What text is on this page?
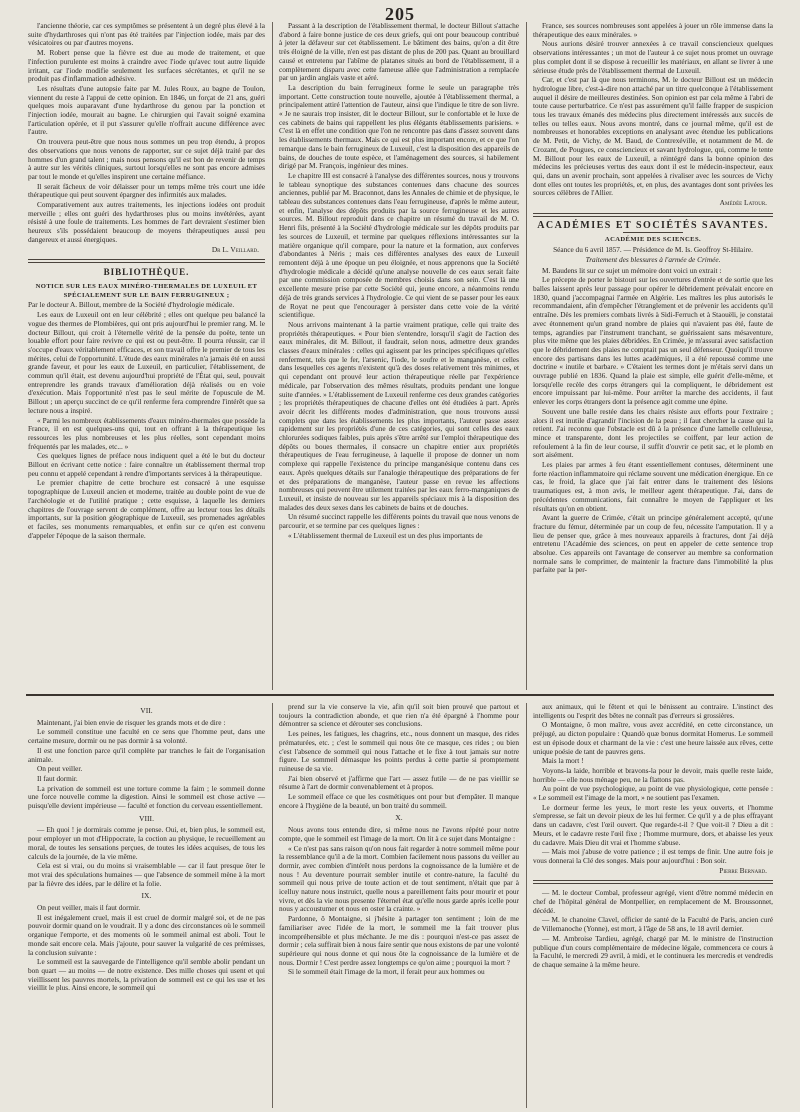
205

l'ancienne théorie, car ces symptômes se présentent à un degré plus élevé à la suite d'hydarthroses qui n'ont pas été traitées par l'injection iodée, mais par des vésicatoires ou par d'autres moyens.

M. Robert pense que la fièvre est due au mode de traitement, et que l'infection purulente est moins à craindre avec l'iode qu'avec tout autre liquide irritant, car l'iode modifie seulement les surfaces sécrétantes, et qu'il ne se produit pas d'inflammation adhésive.

Les résultats d'une autopsie faite par M. Jules Roux, au bagne de Toulon, viennent du reste à l'appui de cette opinion. En 1846, un forçat de 21 ans, guéri quelques mois auparavant d'une hydarthrose du genou par la ponction et l'injection iodée, mourait au bagne. Le chirurgien qui l'avait soigné examina l'articulation opérée, et il put s'assurer qu'elle n'offrait aucune différence avec l'autre.

On trouvera peut-être que nous nous sommes un peu trop étendu, à propos des observations que nous venons de rapporter, sur ce sujet déjà traité par des hommes d'un grand talent ; mais nous pensons qu'il est bon de revenir de temps à autre sur les vérités cliniques, surtout lorsqu'elles ne sont pas encore admises par tout le monde et qu'elles inspirent une certaine méfiance.

Il serait fâcheux de voir délaisser pour un temps même très court une idée thérapeutique qui peut souvent épargner des infirmités aux malades.

Comparativement aux autres traitements, les injections iodées ont produit merveille ; elles ont guéri des hydarthroses plus ou moins invétérées, ayant résisté à une foule de traitements. Les hommes de l'art devraient s'estimer bien heureux s'ils possédaient beaucoup de moyens thérapeutiques aussi peu dangereux et aussi énergiques.

Dr L. Veillard.
BIBLIOTHÈQUE.
NOTICE SUR LES EAUX MINÉRO-THERMALES DE LUXEUIL ET SPÉCIALEMENT SUR LE BAIN FERRUGINEUX ;

Par le docteur A. Billout, membre de la Société d'hydrologie médicale.

Les eaux de Luxeuil ont en leur célébrité ; elles ont quelque peu balancé la vogue des thermes de Plombières, qui ont pris aujourd'hui le premier rang. M. le docteur Billout, qui croit à l'éternelle vérité de la pensée du poète, tente un louable effort pour faire revivre ce qui est ou peut-être. Il pourra réussir, car il s'occupe d'eaux véritablement efficaces, et son travail offre le premier de tous les mérites, celui de l'opportunité. L'étude des eaux minérales n'a jamais été en aussi grande faveur, et pour les eaux de Luxeuil, en particulier, l'établissement, de commun qu'il était, est devenu aujourd'hui propriété de l'État qui, seul, pouvait entreprendre les grands travaux d'amélioration déjà réalisés ou en voie d'exécution. Mais l'opportunité n'est pas le seul mérite de l'opuscule de M. Billout ; un aperçu succinct de ce qu'il renferme fera comprendre l'intérêt que sa lecture nous a inspiré.

« Parmi les nombreux établissements d'eaux minéro-thermales que possède la France, il en est quelques-uns qui, tout en offrant à la thérapeutique les ressources les plus nombreuses et les plus réelles, sont cependant moins fréquentés par les malades, etc... »

Ces quelques lignes de préface nous indiquent quel a été le but du docteur Billout en écrivant cette notice : faire connaître un établissement thermal trop peu connu et appelé cependant à rendre d'importants services à la thérapeutique.

Le premier chapitre de cette brochure est consacré à une esquisse topographique de Luxeuil ancien et moderne, traitée au double point de vue de l'archéologie et de l'utilité pratique ; cette esquisse, à laquelle les derniers chapitres de l'ouvrage servent de complément, offre au lecteur tous les détails importants, sur la position géographique de Luxeuil, ses promenades agréables et faciles, ses monuments remarquables, et enfin sur ce qu'en est convenu d'appeler l'époque de la saison thermale.

Passant à la description de l'établissement thermal, le docteur Billout s'attache d'abord à faire bonne justice de ces deux griefs, qui ont pour beaucoup contribué à jeter la défaveur sur cet établissement. Le bâtiment des bains, qu'on a dit être très éloigné de la ville, n'en est pas distant de plus de 200 pas. Quant au brouillard causé et entretenu par l'abîme de platanes situés au bord de l'établissement, il a complètement disparu avec cette fameuse allée que l'administration a remplacée par un jardin anglais vaste et aéré.

La description du bain ferrugineux forme le seule un paragraphe très important. Cette construction toute nouvelle, ajoutée à l'établissement thermal, a principalement attiré l'attention de l'auteur, ainsi que l'indique le titre de son livre. « Je ne saurais trop insister, dit le docteur Billout, sur le confortable et le luxe de ces cabinets de bains qui rappellent les plus élégants établissements parisiens. » C'est là en effet une condition que l'on ne rencontre pas dans d'assez souvent dans les établissements thermaux. Mais ce qui est plus important encore, et ce que l'on remarque dans le bain ferrugineux de Luxeuil, c'est la disposition des appareils de bains, de douches de toute espèce, et l'aménagement des sources, si habilement dirigé par M. François, ingénieur des mines.

Le chapitre III est consacré à l'analyse des différentes sources, nous y trouvons le tableau synoptique des substances contenues dans chacune des sources anciennes, publié par M. Braconnot, dans les Annales de chimie et de physique, le tableau des substances contenues dans l'eau ferrugineuse, d'après le même auteur, et enfin, l'analyse des dépôts produits par la source ferrugineuse et les autres sources. M. Billout reproduit dans ce chapitre un résumé du travail de M. O. Henri fils, présenté à la Société d'hydrologie médicale sur les dépôts produits par les sources de Luxeuil, et termine par quelques réflexions intéressantes sur la matière organique qu'il compare, pour la nature et la formation, aux conferves d'abondantes à Néris ; mais ces différentes analyses des eaux de Luxeuil remontent déjà à une époque un peu éloignée, et nous apprenons que la Société d'hydrologie médicale a décidé qu'une analyse nouvelle de ces eaux serait faite par une commission composée de membres choisis dans son sein. C'est là une excellente mesure prise par cette Société qui, jeune encore, a néanmoins rendu déjà de très grands services à l'hydrologie. Ce qui vient de se passer pour les eaux de Royat ne peut que l'encourager à persister dans cette voie de la vérité scientifique.

Nous arrivons maintenant à la partie vraiment pratique, celle qui traite des propriétés thérapeutiques. « Pour bien s'entendre, lorsqu'il s'agit de l'action des eaux minérales, dit M. Billout, il faudrait, selon nous, admettre deux grandes classes d'eaux minérales : celles qui agissent par les principes spécifiques qu'elles renferment, tels que le fer, l'arsenic, l'iode, le soufre et le manganèse, et celles dans lesquelles ces agents n'existent qu'à des doses relativement très minimes, et qui cependant ont prouvé leur action thérapeutique réelle par l'expérience médicale, par l'observation des mêmes résultats, produits pendant une longue suite d'années. » L'établissement de Luxeuil renferme ces deux grandes catégories ; les propriétés thérapeutiques de chacune d'elles ont été étudiées à part. Après avoir décrit les différents modes d'administration, que nous trouvons aussi complets que dans les établissements les plus importants, l'auteur passe assez rapidement sur les propriétés d'une de ces catégories, qui sont celles des eaux chlorurées sodiques faibles, puis après s'être arrêté sur l'emploi thérapeutique des dépôts ou boues thermales, il consacre un chapitre entier aux propriétés thérapeutiques de l'eau ferrugineuse, à laquelle il propose de donner un nom complexe qui rappelle l'existence du principe manganésique contenu dans ces eaux. Après quelques détails sur l'analogie thérapeutique des préparations de fer et des préparations de manganèse, l'auteur passe en revue les affections nombreuses qui peuvent être utilement traitées par les eaux ferro-manganiques de Luxeuil, et insiste de nouveau sur les appareils spéciaux mis à la disposition des malades des deux sexes dans les cabinets de bains et de douches.

Un résumé succinct rappelle les différents points du travail que nous venons de parcourir, et se termine par ces quelques lignes :

« L'établissement thermal de Luxeuil est un des plus importants de

France, ses sources nombreuses sont appelées à jouer un rôle immense dans la thérapeutique des eaux minérales. »

Nous aurions désiré trouver annexées à ce travail consciencieux quelques observations intéressantes ; un mot de l'auteur à ce sujet nous promet un ouvrage plus complet dont il se dispose à recueillir les matériaux, en allant se livrer à une sérieuse étude près de l'établissement thermal de Luxeuil.

Car, et c'est par là que nous terminons, M. le docteur Billout est un médecin hydrologue libre, c'est-à-dire non attaché par un titre quelconque à l'établissement auquel il désire de meilleures destinées. Son opinion est par cela même à l'abri de toute cause perturbatrice. Ce n'est pas assurément qu'il faille frapper de suspicion tous les travaux émanés des médecins plus directement intéressés aux succès de telles ou telles eaux. Nous avons montré, dans ce journal même, qu'il est de nombreuses et honorables exceptions en analysant avec étendue les publications de M. Petit, de Vichy, de M. Baud, de Contrexéville, et notamment de M. de Crozant, de Pougues, ce consciencieux et savant hydrologue, qui, comme le tente M. Billout pour les eaux de Luxeuil, a réintégré dans la bonne opinion des médecins les précieuses vertus des eaux dont il est le médecin-inspecteur, eaux qui, dans un avenir prochain, sont appelées à rivaliser avec les sources de Vichy dont elles ont toutes les propriétés, et, en plus, des avantages dont sont privées les sources célèbres de l'Allier.

Amédée Latour.
ACADÉMIES ET SOCIÉTÉS SAVANTES.
ACADÉMIE DES SCIENCES.
Séance du 6 avril 1857. — Présidence de M. Is. Geoffroy St-Hilaire.
Traitement des blessures à l'armée de Crimée.

M. Baudens lit sur ce sujet un mémoire dont voici un extrait :

Le précepte de porter le bistouri sur les ouvertures d'entrée et de sortie que les balles laissent après leur passage pour opérer le débridement prévalait encore en 1830, quand j'accompagnai l'armée en Algérie. Les maîtres les plus autorisés le recommandaient, afin d'empêcher l'étranglement et de prévenir les accidents qu'il entraîne. Dès les premiers combats livrés à Sidi-Ferruch et à Staouëli, je constatai avec étonnement qu'un grand nombre de plaies qui n'avaient pas été, faute de temps, agrandies par l'instrument tranchant, se guérissaient sans mésaventure, plus vite même que les plaies débridées. En Crimée, je m'assurai avec satisfaction que le débridement des plaies ne comptait pas un seul défenseur. Quoiqu'il trouve encore des partisans dans les luttes académiques, il a été repoussé comme une doctrine « inutile et barbare. » C'étaient les termes dont je m'étais servi dans un ouvrage publié en 1836. Quand la plaie est simple, elle guérit d'elle-même, et lorsqu'elle recèle des corps étrangers qui la compliquent, le débridement est encore impuissant par lui-même. Pour arrêter la marche des accidents, il faut enlever les corps étrangers dont la présence agit comme une épine.

Souvent une balle restée dans les chairs résiste aux efforts pour l'extraire ; alors il est inutile d'agrandir l'incision de la peau ; il faut chercher la cause qui la retient. J'ai reconnu que l'obstacle est dû à la présence d'une lamelle celluleuse, mince et transparente, dont les projectiles se coiffent, par leur action de refoulement à la fin de leur course, il suffit d'ouvrir ce petit sac, et le plomb en sort aisément.

Les plaies par armes à feu étant essentiellement contuses, déterminent une forte réaction inflammatoire qui réclame souvent une médication énergique. En ce cas, le froid, la glace que j'ai fait entrer dans le traitement des lésions traumatiques est, à mon avis, le meilleur agent thérapeutique. J'ai, dans de précédentes communications, fait connaître le moyen de l'appliquer et les résultats qu'on en obtient.

Avant la guerre de Crimée, c'était un principe généralement accepté, qu'une fracture du fémur, déterminée par un coup de feu, nécessite l'amputation. Il y a lieu de penser que, grâce à mes nouveaux appareils à fractures, dont j'ai déjà entretenu l'Académie des sciences, on peut en appeler de cette sentence trop absolue. Ces appareils ont l'avantage de conserver au membre sa conformation normale sans le comprimer, de maintenir la fracture dans l'immobilité la plus parfaite par la per-

VII.

Maintenant, j'ai bien envie de risquer les grands mots et de dire :

Le sommeil constitue une faculté en ce sens que l'homme peut, dans une certaine mesure, dormir ou ne pas dormir à sa volonté.

Il est une fonction parce qu'il complète par tranches le fait de l'organisation animale.

On peut veiller.

Il faut dormir.

La privation de sommeil est une torture comme la faim ; le sommeil donne une force nouvelle comme la digestion. Ainsi le sommeil est chose active — puisqu'elle devient impérieuse — faculté et fonction du cerveau essentiellement.

VIII.

— Eh quoi ! je dormirais comme je pense. Oui, et, bien plus, le sommeil est, pour employer un mot d'Hippocrate, la coction au physique, le recueillement au moral, de toutes les sensations perçues, de toutes les idées acquises, de tous les calculs de la journée, de la vie même.

Cela est si vrai, ou du moins si vraisemblable — car il faut presque ôter le mot vrai des spéculations humaines — que l'absence de sommeil mène à la mort par la fièvre des idées, par le délire et la folie.

IX.

On peut veiller, mais il faut dormir.

Il est inégalement cruel, mais il est cruel de dormir malgré soi, et de ne pas pouvoir dormir quand on le voudrait. Il y a donc des circonstances où le sommeil organique l'emporte, et des moments où le sommeil animal est aboli. Tout le monde sait encore cela. Mais j'ajoute, pour sauver la vulgarité de ces prémisses, la conclusion suivante :

Le sommeil est la sauvegarde de l'intelligence qu'il semble abolir pendant un bon quart — au moins — de notre existence. Des mille choses qui usent et qui vieillissent les pauvres mortels, la privation de sommeil est ce qui les use et les vieillit le plus. Ainsi encore, le sommeil qui

prend sur la vie conserve la vie, afin qu'il soit bien prouvé que partout et toujours la contradiction abonde, et que rien n'a été épargné à l'homme pour démontrer sa science et dérouter ses conclusions.

Les peines, les fatigues, les chagrins, etc., nous donnent un masque, des rides prématurées, etc. ; c'est le sommeil qui nous ôte ce masque, ces rides ; ou bien c'est l'absence de sommeil qui nous l'attache et le fixe à tout jamais sur notre figure. Le sommeil démasque les points perdus à cette partie si promptement ruineuse de sa vie.

J'ai bien observé et j'affirme que l'art — assez futile — de ne pas vieillir se résume à l'art de dormir convenablement et à propos.

Le sommeil efface ce que les cosmétiques ont pour but d'empâter. Il manque encore à l'hygiène de la beauté, un bon traité du sommeil.

X.

Nous avons tous entendu dire, si même nous ne l'avons répété pour notre compte, que le sommeil est l'image de la mort. On lit à ce sujet dans Montaigne :

« Ce n'est pas sans raison qu'on nous fait regarder à notre sommeil même pour la ressemblance qu'il a de la mort. Combien facilement nous passons du veiller au dormir, avec combien d'intérêt nous perdons la cognoissance de la lumière et de nous ! Au deventure pourrait sembler inutile et contre-nature, la faculté du sommeil qui nous prive de toute action et de tout sentiment, n'était que par à icelluy nature nous instruict, quelle nous a pareillement faits pour mourir et pour vivre, et dès la vie nous presente l'éternel état qu'elle nous garde après icelle pour nous y accoustumer et nous en oster la crainte. »

Pardonne, ô Montaigne, si j'hésite à partager ton sentiment ; loin de me familiariser avec l'idée de la mort, le sommeil me la fait trouver plus incompréhensible et plus méchante. Je me dis : pourquoi n'est-ce pas assez de dormir ; cela suffirait bien à nous faire sentir que nous existons de par une volonté supérieure qui nous donne et qui nous ôte la cognoissance de la lumière et de nous. Dormir ! C'est perdre assez longtemps ce qu'on aime ; pourquoi la mort ?

Si le sommeil était l'image de la mort, il ferait peur aux hommes ou

aux animaux, qui le fêtent et qui le bénissent au contraire. L'instinct des intelligents ou l'esprit des bêtes ne connaît pas d'erreurs si grossières.

O Montaigne, ô mon maître, vous avez accrédité, en cette circonstance, un préjugé, au dicton populaire : Quandò quæ bonus dormitat Homerus. Le sommeil est un épisode doux et charmant de la vie : c'est une heure laissée aux rêves, cette unique poésie de tant de pauvres gens.

Mais la mort !

Voyons-la laide, horrible et bravons-la pour le devoir, mais quelle reste laide, horrible — elle nous ménage peu, ne la flattons pas.

Au point de vue psychologique, au point de vue physiologique, cette pensée : « Le sommeil est l'image de la mort, » ne soutient pas l'examen.

Le dormeur ferme les yeux, le mort reste les yeux ouverts, et l'homme s'empresse, se fait un devoir pieux de les lui fermer. Ce qu'il y a de plus effrayant dans un cadavre, c'est l'œil ouvert. Que regarde-t-il ? Que voit-il ? Dieu a dit : Meurs, et le cadavre reste l'œil fixe ; l'homme murmure, dors, et abaisse les yeux du cadavre. Mais Dieu dit vrai et l'homme s'abuse.

— Mais moi j'abuse de votre patience ; il est temps de finir. Une autre fois je vous donnerai la Clé des songes. Mais pour aujourd'hui : Bon soir.

Pierre Bernard.

— M. le docteur Combal, professeur agrégé, vient d'être nommé médecin en chef de l'hôpital général de Montpellier, en remplacement de M. Broussonnet, décédé.

— M. le chanoine Clavel, officier de santé de la Faculté de Paris, ancien curé de Villemanoche (Yonne), est mort, à l'âge de 58 ans, le 18 avril dernier.

— M. Ambroise Tardieu, agrégé, chargé par M. le ministre de l'instruction publique d'un cours complémentaire de médecine légale, commencera ce cours à la Faculté, le mercredi 29 avril, à midi, et le continuera les mercredis et vendredis de chaque semaine à la même heure.
